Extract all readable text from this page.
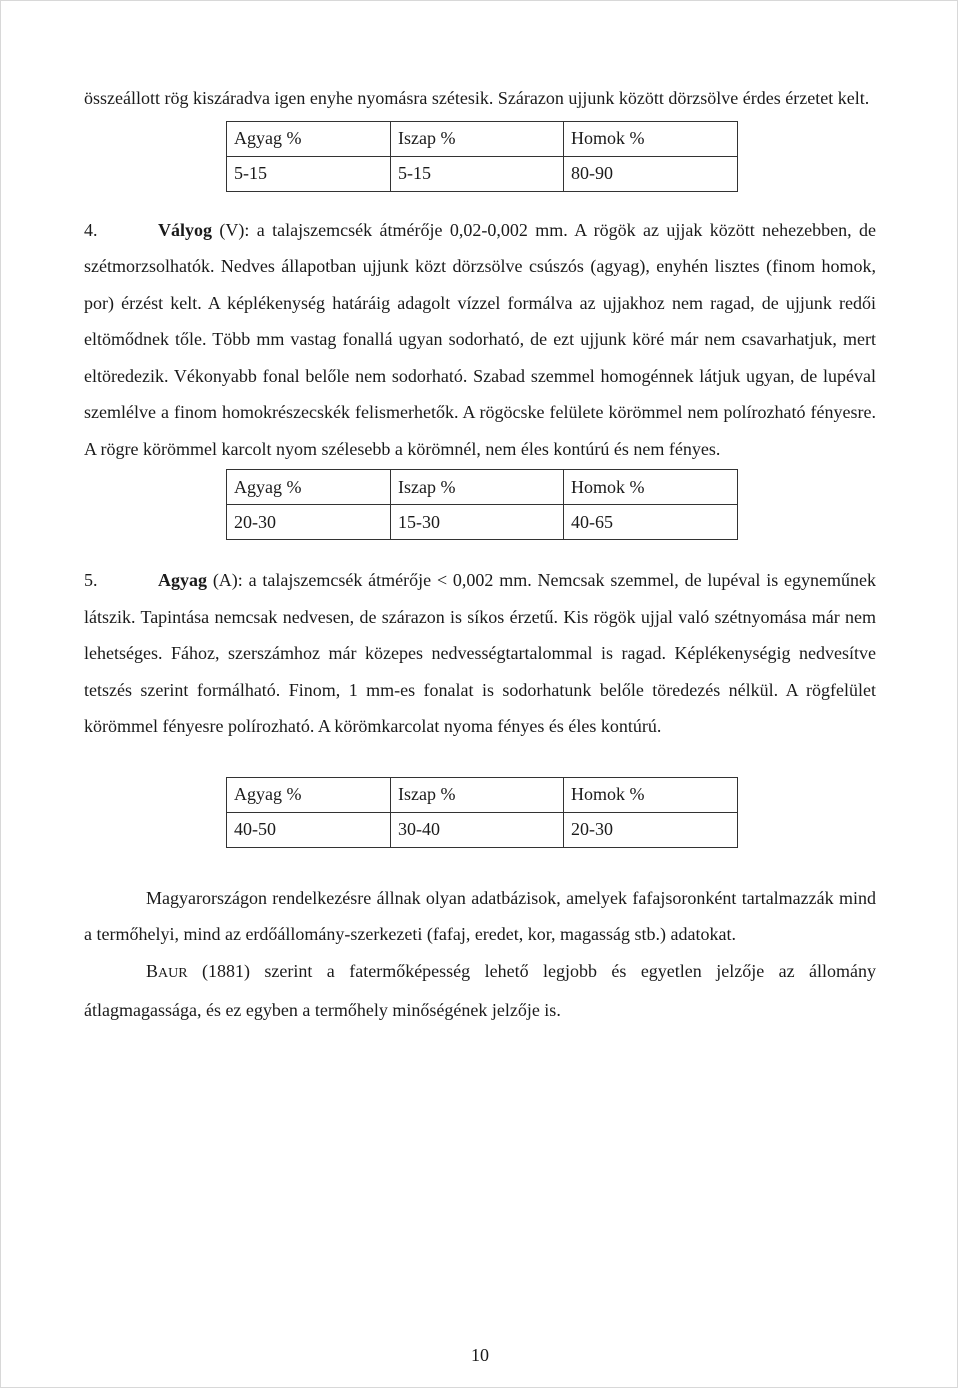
összeállott rög kiszáradva igen enyhe nyomásra szétesik. Szárazon ujjunk között dörzsölve érdes érzetet kelt.

Agyag %	Iszap %	Homok %
5-15	5-15	80-90

4.	Vályog (V): a talajszemcsék átmérője 0,02-0,002 mm. A rögök az ujjak között nehezebben, de szétmorzsolhatók. Nedves állapotban ujjunk közt dörzsölve csúszós (agyag), enyhén lisztes (finom homok, por) érzést kelt. A képlékenység határáig adagolt vízzel formálva az ujjakhoz nem ragad, de ujjunk redői eltömődnek tőle. Több mm vastag fonallá ugyan sodorható, de ezt ujjunk köré már nem csavarhatjuk, mert eltöredezik. Vékonyabb fonal belőle nem sodorható. Szabad szemmel homogénnek látjuk ugyan, de lupéval szemlélve a finom homokrészecskék felismerhetők. A rögöcske felülete körömmel nem polírozható fényesre. A rögre körömmel karcolt nyom szélesebb a körömnél, nem éles kontúrú és nem fényes.

Agyag %	Iszap %	Homok %
20-30	15-30	40-65

5.	Agyag (A): a talajszemcsék átmérője < 0,002 mm. Nemcsak szemmel, de lupéval is egyneműnek látszik. Tapintása nemcsak nedvesen, de szárazon is síkos érzetű. Kis rögök ujjal való szétnyomása már nem lehetséges. Fához, szerszámhoz már közepes nedvességtartalommal is ragad. Képlékenységig nedvesítve tetszés szerint formálható. Finom, 1 mm-es fonalat is sodorhatunk belőle töredezés nélkül. A rögfelület körömmel fényesre polírozható. A körömkarcolat nyoma fényes és éles kontúrú.

Agyag %	Iszap %	Homok %
40-50	30-40	20-30

Magyarországon rendelkezésre állnak olyan adatbázisok, amelyek fafajsoronként tartalmazzák mind a termőhelyi, mind az erdőállomány-szerkezeti (fafaj, eredet, kor, magasság stb.) adatokat.

BAUR (1881) szerint a fatermőképesség lehető legjobb és egyetlen jelzője az állomány átlagmagassága, és ez egyben a termőhely minőségének jelzője is.

10
